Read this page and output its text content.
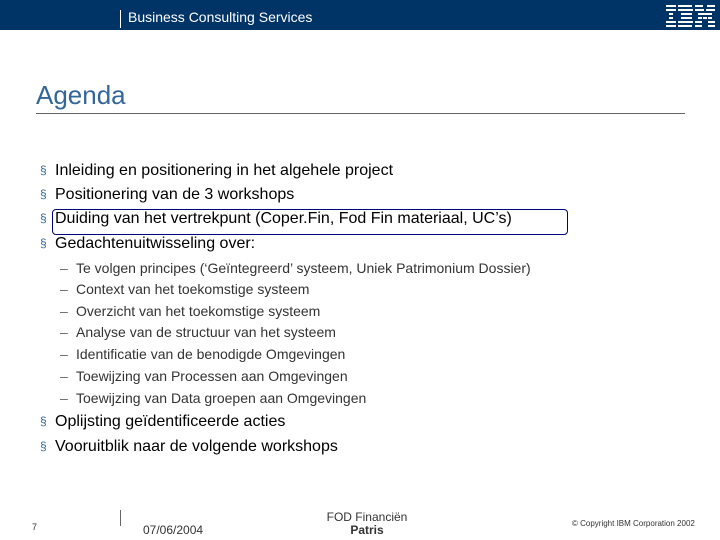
Business Consulting Services
Agenda
§ Inleiding en positionering in het algehele project
§ Positionering van de 3 workshops
§ Duiding van het vertrekpunt (Coper.Fin, Fod Fin materiaal, UC’s)
§ Gedachtenuitwisseling over:
– Te volgen principes (‘Geïntegreerd’ systeem, Uniek Patrimonium Dossier)
– Context van het toekomstige systeem
– Overzicht van het toekomstige systeem
– Analyse van de structuur van het systeem
– Identificatie van de benodigde Omgevingen
– Toewijzing van Processen aan Omgevingen
– Toewijzing van Data groepen aan Omgevingen
§ Oplijsting geïdentificeerde acties
§ Vooruitblik naar de volgende workshops
7	07/06/2004
FOD Financiën
Patris	© Copyright IBM Corporation 2002
